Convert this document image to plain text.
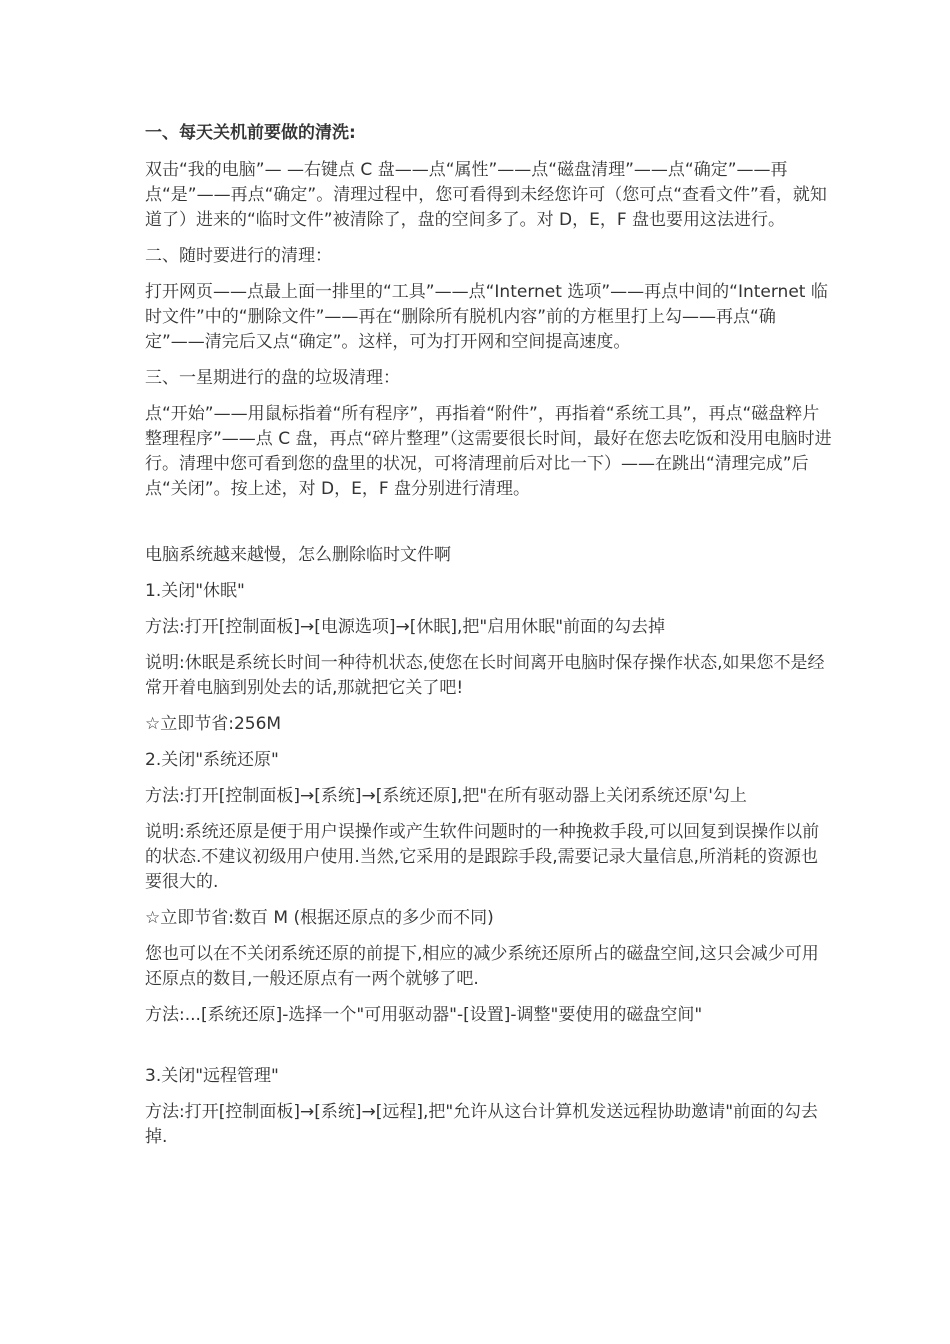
一、每天关机前要做的清洗:

双击“我的电脑”— —右键点 C 盘——点“属性”——点“磁盘清理”——点“确定”——再点“是”——再点“确定”。清理过程中，您可看得到未经您许可（您可点“查看文件”看，就知道了）进来的“临时文件”被清除了，盘的空间多了。对 D，E，F 盘也要用这法进行。

二、随时要进行的清理：

打开网页——点最上面一排里的“工具”——点“Internet 选项”——再点中间的“Internet 临时文件”中的“删除文件”——再在“删除所有脱机内容”前的方框里打上勾——再点“确定”——清完后又点“确定”。这样，可为打开网和空间提高速度。

三、一星期进行的盘的垃圾清理：

点“开始”——用鼠标指着“所有程序”，再指着“附件”，再指着“系统工具”，再点“磁盘粹片整理程序”——点 C 盘，再点“碎片整理”（这需要很长时间，最好在您去吃饭和没用电脑时进行。清理中您可看到您的盘里的状况，可将清理前后对比一下）——在跳出“清理完成”后点“关闭”。按上述，对 D，E，F 盘分别进行清理。

电脑系统越来越慢，怎么删除临时文件啊

1.关闭"休眠"

方法:打开[控制面板]→[电源选项]→[休眠],把"启用休眠"前面的勾去掉

说明:休眠是系统长时间一种待机状态,使您在长时间离开电脑时保存操作状态,如果您不是经常开着电脑到别处去的话,那就把它关了吧!

☆立即节省:256M

2.关闭"系统还原"

方法:打开[控制面板]→[系统]→[系统还原],把"在所有驱动器上关闭系统还原'勾上

说明:系统还原是便于用户误操作或产生软件问题时的一种挽救手段,可以回复到误操作以前的状态.不建议初级用户使用.当然,它采用的是跟踪手段,需要记录大量信息,所消耗的资源也要很大的.

☆立即节省:数百 M (根据还原点的多少而不同)

您也可以在不关闭系统还原的前提下,相应的减少系统还原所占的磁盘空间,这只会减少可用还原点的数目,一般还原点有一两个就够了吧.

方法:...[系统还原]-选择一个"可用驱动器"-[设置]-调整"要使用的磁盘空间"

3.关闭"远程管理"

方法:打开[控制面板]→[系统]→[远程],把"允许从这台计算机发送远程协助邀请"前面的勾去掉.
